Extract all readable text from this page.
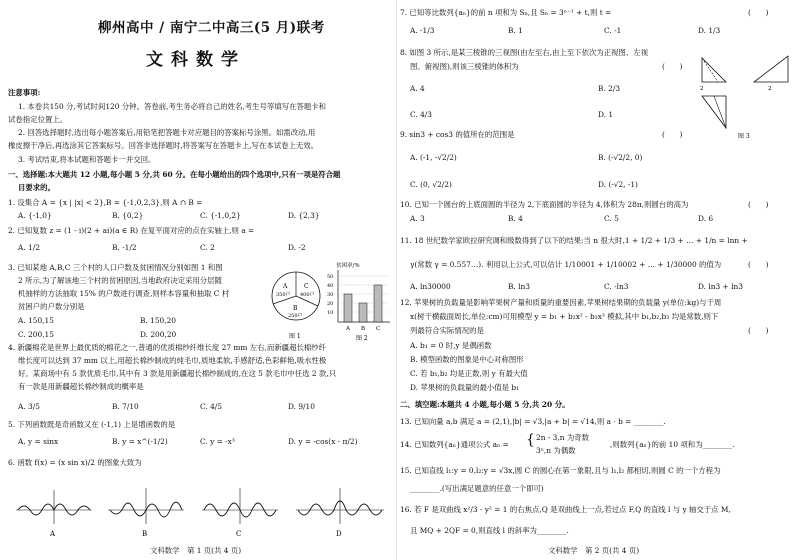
柳州高中 / 南宁二中高三(5 月)联考
文科数学
注意事项:
1. 本卷共150 分,考试时间120 分钟。答卷前,考生务必将自己的姓名,考生号等填写在答题卡和
试卷指定位置上。
2. 回答选择题时,选出每小题答案后,用铅笔把答题卡对应题目的答案标号涂黑。如需改动,用
橡皮擦干净后,再选涂其它答案标号。回答非选择题时,将答案写在答题卡上,写在本试卷上无效。
3. 考试结束,将本试题和答题卡一并交回。
一、选择题:本大题共 12 小题,每小题 5 分,共 60 分。在每小题给出的四个选项中,只有一项是符合题
目要求的。
1. 设集合 A = {x | |x| < 2},B = {-1,0,2,3},则 A ∩ B =
A. {-1,0}	B. {0,2}	C. {-1,0,2}	D. {2,3}
2. 已知复数 z = (1 - i)(2 + ai)(a ∈ R) 在复平面对应的点在实轴上,则 a =
A. 1/2	B. -1/2	C. 2	D. -2
3. 已知某地 A,B,C 三个村的人口户数及贫困情况分别如图 1 和图
2 所示,为了解该地三个村的贫困原因,当地政府决定采用分层随
机抽样的方法抽取 15% 的户数进行调查,则样本容量和抽取 C 村
贫困户的户数分别是
A. 150,15	B. 150,20
C. 200,15	D. 200,20
A
350户
C
400户
B
250户
图 1
贫困率/%
50
40
30
20
10
A B C
图 2
4. 新疆棉花是世界上最优质的棉花之一,普通的优质棉纱纤维长度 27 mm 左右,而新疆超长棉纱纤
维长度可以达到 37 mm 以上,用超长棉纱制成的纯毛巾,质地柔软,手感舒适,色彩鲜艳,吸水性极
好。某商场中有 5 款优质毛巾,其中有 3 款是用新疆超长棉纱制成的,在这 5 款毛巾中任选 2 款,只
有一款是用新疆超长棉纱制成的概率是
A. 3/5	B. 7/10	C. 4/5	D. 9/10
5. 下列函数既是奇函数又在 (-1,1) 上是增函数的是
A. y = sinx	B. y = x^(-1/2)	C. y = -x³	D. y = -cos(x - π/2)
6. 函数 f(x) = (x sin x)/2 的图象大致为
A	B	C	D
文科数学　第 1 页(共 4 页)
7. 已知等比数列{aₙ}的前 n 项和为 Sₙ,且 Sₙ = 3ⁿ⁻¹ + t,则 t =	(　　)
A. -1/3	B. 1	C. -1	D. 1/3
8. 如图 3 所示,是某三棱锥的三视图(由左至右,由上至下依次为正视图、左视
图、俯视图),则该三棱锥的体积为	(　　)
A. 4	B. 2/3
C. 4/3	D. 1
2	2
图 3
9. sin3 + cos3 的值所在的范围是	(　　)
A. (-1, -√2/2)	B. (-√2/2, 0)
C. (0, √2/2)	D. (-√2, -1)
10. 已知一个圆台的上底面圆的半径为 2,下底面圆的半径为 4,体积为 28π,则圆台的高为	(　　)
A. 3	B. 4	C. 5	D. 6
11. 18 世纪数学家欧拉研究调和级数得到了以下的结果:当 n 很大时,1 + 1/2 + 1/3 + … + 1/n = lnn +
γ(常数 γ = 0.557…). 利用以上公式,可以估计 1/10001 + 1/10002 + … + 1/30000 的值为	(　　)
A. ln30000	B. ln3	C. -ln3	D. ln3 + ln3
12. 苹果树的负载量是影响苹果树产量和质量的重要因素,苹果树结果期的负载量 y(单位:kg)与干周
x(树干横截面周长,单位:cm)可用模型 y = b₁ + b₂x² - b₃x³ 模拟,其中 b₁,b₂,b₃ 均是常数,则下
列最符合实际情况的是	(　　)
A. b₁ = 0 时,y 是偶函数
B. 模型函数的图象是中心对称图形
C. 若 b₁,b₂ 均是正数,则 y 有最大值
D. 苹果树的负载量的最小值是 b₁
二、填空题:本题共 4 小题,每小题 5 分,共 20 分。
13. 已知向量 a,b 满足 a = (2,1),|b| = √3,|a + b| = √14,则 a · b = ________.
14. 已知数列{aₙ}通项公式 aₙ = { 2n - 3,n 为奇数
3ⁿ,n 为偶数
,则数列{aₙ}的前 10 项和为________.
15. 已知直线 l₁:y = 0,l₂:y = √3x,圆 C 的圆心在第一象限,且与 l₁,l₂ 都相切,则圆 C 的一个方程为
________.(写出满足题意的任意一个即可)
16. 若 F 是双曲线 x²/3 - y² = 1 的右焦点,Q 是双曲线上一点,若过点 F,Q 的直线 l 与 y 轴交于点 M,
且 MQ + 2QF = 0,则直线 l 的斜率为________.
文科数学　第 2 页(共 4 页)
